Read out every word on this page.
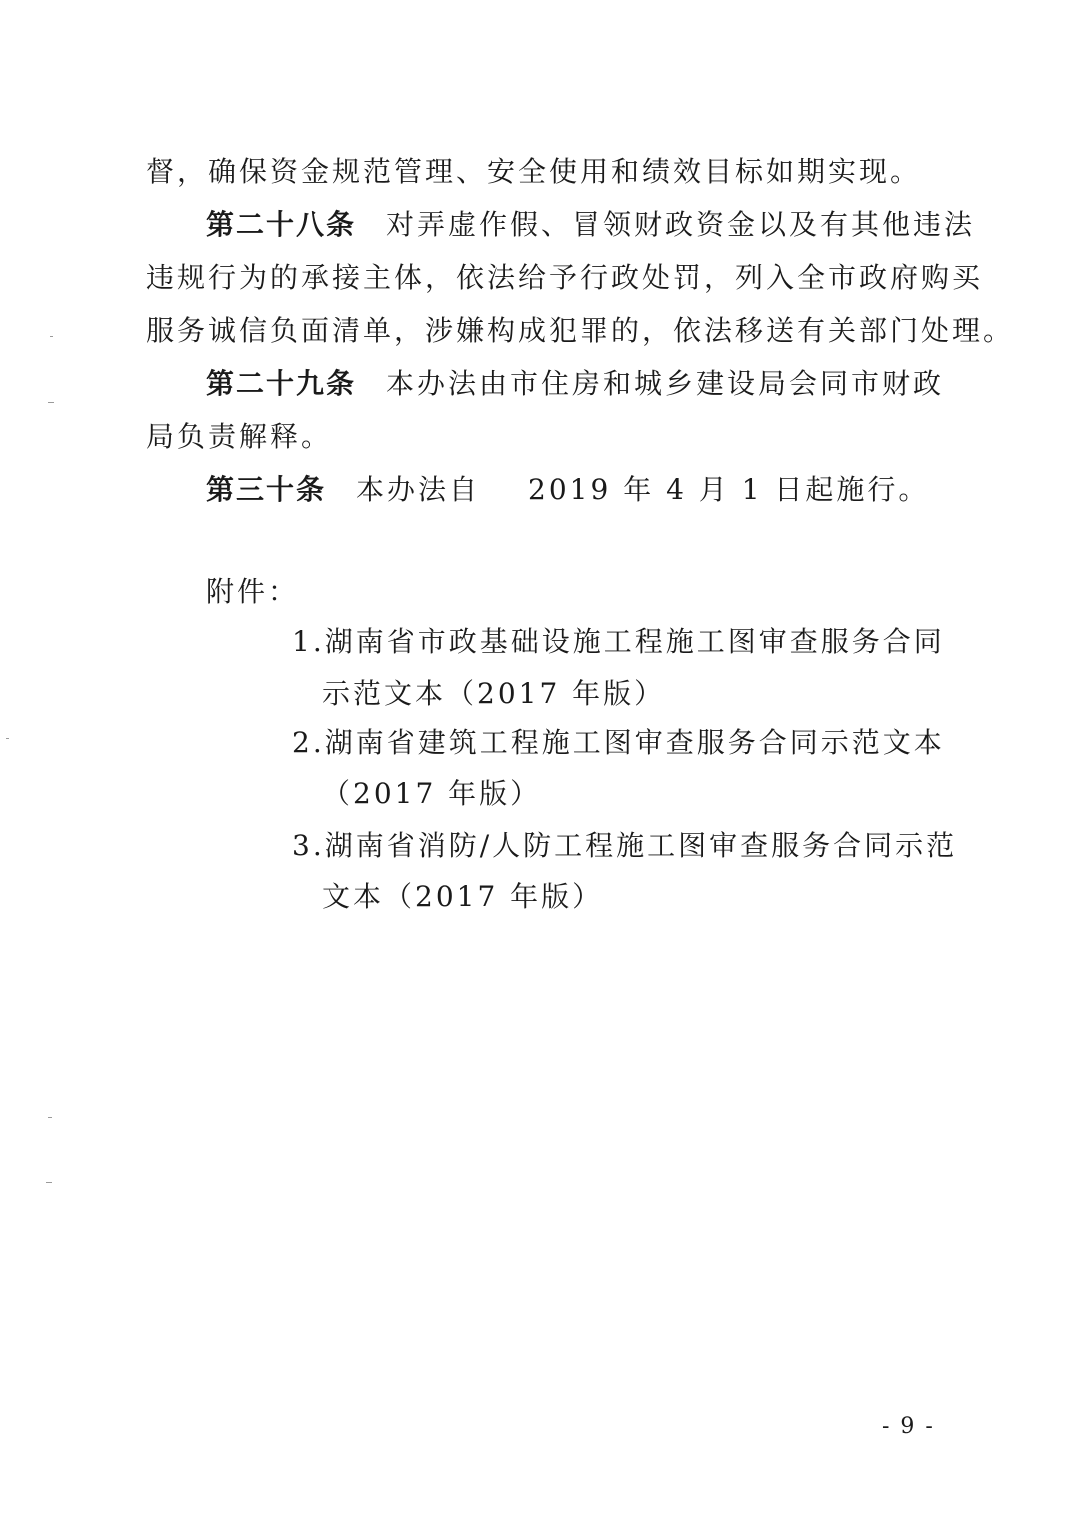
督，确保资金规范管理、安全使用和绩效目标如期实现。
第二十八条 对弄虚作假、冒领财政资金以及有其他违法
违规行为的承接主体，依法给予行政处罚，列入全市政府购买
服务诚信负面清单，涉嫌构成犯罪的，依法移送有关部门处理。
第二十九条 本办法由市住房和城乡建设局会同市财政
局负责解释。
第三十条 本办法自 2019 年 4 月 1 日起施行。
附件：
1.湖南省市政基础设施工程施工图审查服务合同
示范文本（2017 年版）
2.湖南省建筑工程施工图审查服务合同示范文本
（2017 年版）
3.湖南省消防/人防工程施工图审查服务合同示范
文本（2017 年版）
- 9 -
